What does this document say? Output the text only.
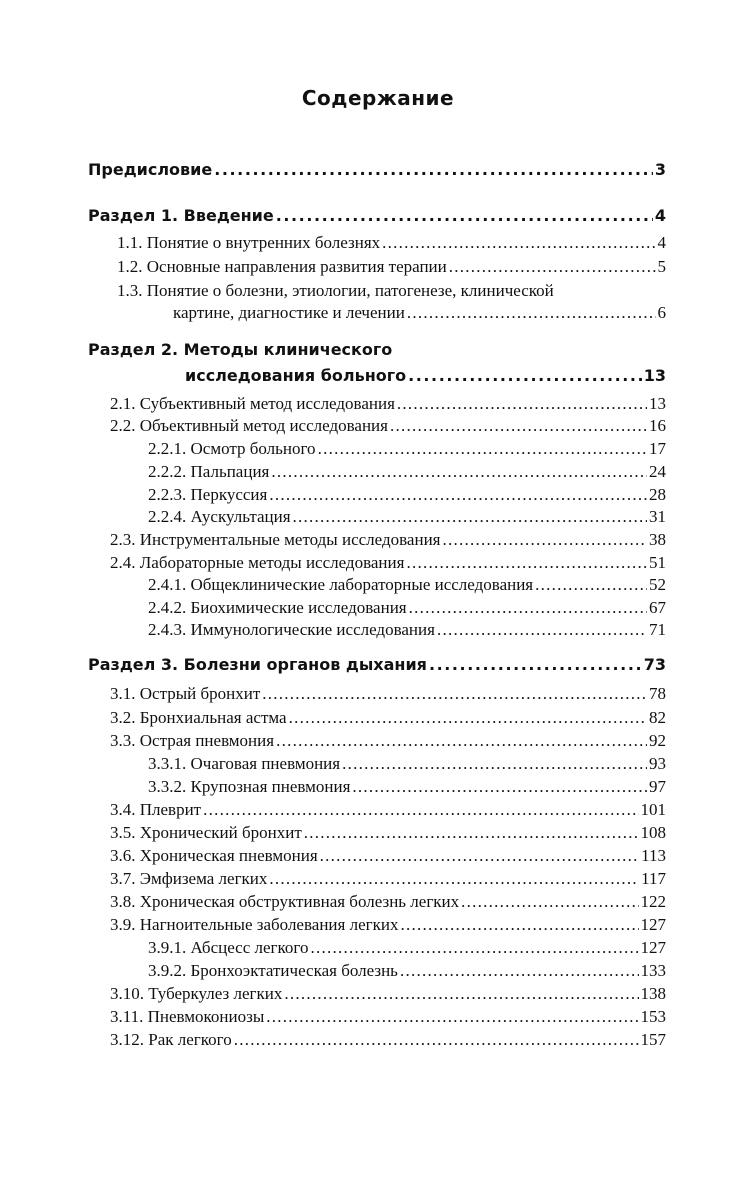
Содержание
Предисловие . . .	3
Раздел 1. Введение . . .	4
1.1. Понятие о внутренних болезнях . . .	4
1.2. Основные направления развития терапии . . .	5
1.3. Понятие о болезни, этиологии, патогенезе, клинической
картине, диагностике и лечении . . .	6
Раздел 2. Методы клинического
исследования больного . . .	13
2.1. Субъективный метод исследования . . .	13
2.2. Объективный метод исследования . . .	16
2.2.1. Осмотр больного . . .	17
2.2.2. Пальпация . . .	24
2.2.3. Перкуссия . . .	28
2.2.4. Аускультация . . .	31
2.3. Инструментальные методы исследования . . .	38
2.4. Лабораторные методы исследования . . .	51
2.4.1. Общеклинические лабораторные исследования . . .	52
2.4.2. Биохимические исследования . . .	67
2.4.3. Иммунологические исследования . . .	71
Раздел 3. Болезни органов дыхания . . .	73
3.1. Острый бронхит . . .	78
3.2. Бронхиальная астма . . .	82
3.3. Острая пневмония . . .	92
3.3.1. Очаговая пневмония . . .	93
3.3.2. Крупозная пневмония . . .	97
3.4. Плеврит . . .	101
3.5. Хронический бронхит . . .	108
3.6. Хроническая пневмония . . .	113
3.7. Эмфизема легких . . .	117
3.8. Хроническая обструктивная болезнь легких . . .	122
3.9. Нагноительные заболевания легких . . .	127
3.9.1. Абсцесс легкого . . .	127
3.9.2. Бронхоэктатическая болезнь . . .	133
3.10. Туберкулез легких . . .	138
3.11. Пневмокониозы . . .	153
3.12. Рак легкого . . .	157
